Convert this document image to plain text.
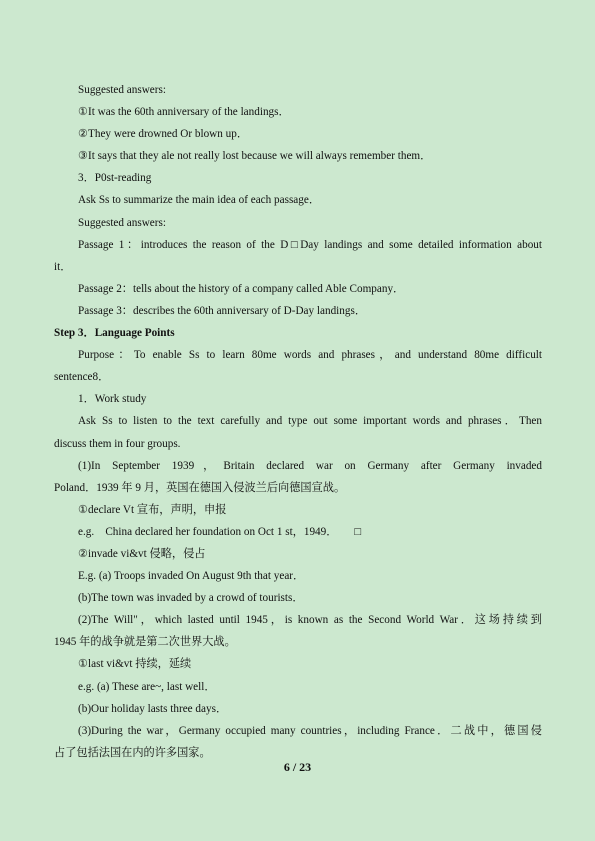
Suggested answers:
①It was the 60th anniversary of the landings．
②They were drowned Or blown up．
③It says that they ale not really lost because we will always remember them．
3．P0st-reading
Ask Ss to summarize the main idea of each passage．
Suggested answers:
Passage 1：introduces the reason of the D□Day landings and some detailed information about
it．
Passage 2：tells about the history of a company called Able Company．
Passage 3：describes the 60th anniversary of D-Day landings．
Step 3．Language Points
Purpose：To enable Ss to learn 80me words and phrases，and understand 80me difficult
sentence8．
1．Work study
Ask Ss to listen to the text carefully and type out some important words and phrases．Then
discuss them in four groups.
(1)In September 1939，Britain declared war on Germany after Germany invaded
Poland．1939 年 9 月，英国在德国入侵波兰后向德国宣战。
①declare Vt 宣布，声明，申报
e.g.　China declared her foundation on Oct 1 st，1949．　　□
②invade vi&vt 侵略，侵占
E.g. (a) Troops invaded On August 9th that year．
(b)The town was invaded by a crowd of tourists．
(2)The Will"，which lasted until 1945，is known as the Second World War．这场持续到
1945 年的战争就是第二次世界大战。
①last vi&vt 持续，延续
e.g. (a) These are~, last well．
(b)Our holiday lasts three days．
(3)During the war，Germany occupied many countries，including France．二战中，德国侵
占了包括法国在内的许多国家。
6 / 23
